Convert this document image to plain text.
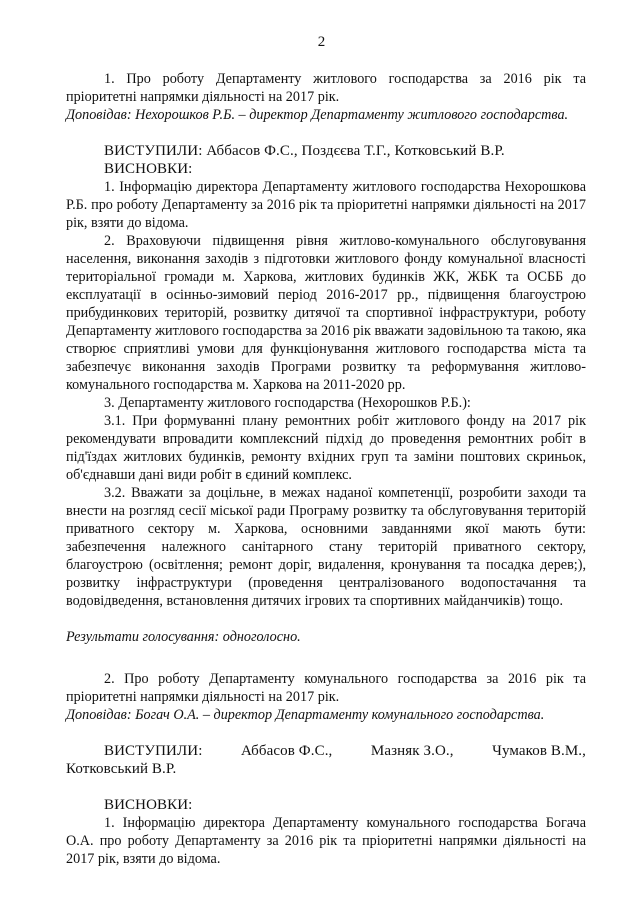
2

1. Про роботу Департаменту житлового господарства за 2016 рік та пріоритетні напрямки діяльності на 2017 рік.

Доповідав: Нехорошков Р.Б. – директор Департаменту житлового господарства.

ВИСТУПИЛИ: Аббасов Ф.С., Поздєєва Т.Г., Котковський В.Р.

ВИСНОВКИ:

1. Інформацію директора Департаменту житлового господарства Нехорошкова Р.Б. про роботу Департаменту за 2016 рік та пріоритетні напрямки діяльності на 2017 рік, взяти до відома.

2. Враховуючи підвищення рівня житлово-комунального обслуговування населення, виконання заходів з підготовки житлового фонду комунальної власності територіальної громади м. Харкова, житлових будинків ЖК, ЖБК та ОСББ до експлуатації в осінньо-зимовий період 2016-2017 рр., підвищення благоустрою прибудинкових територій, розвитку дитячої та спортивної інфраструктури, роботу Департаменту житлового господарства за 2016 рік вважати задовільною та такою, яка створює сприятливі умови для функціонування житлового господарства міста та забезпечує виконання заходів Програми розвитку та реформування житлово-комунального господарства м. Харкова на 2011-2020 рр.

3. Департаменту житлового господарства (Нехорошков Р.Б.):

3.1. При формуванні плану ремонтних робіт житлового фонду на 2017 рік рекомендувати впровадити комплексний підхід до проведення ремонтних робіт в під'їздах житлових будинків, ремонту вхідних груп та заміни поштових скриньок, об'єднавши дані види робіт в єдиний комплекс.

3.2. Вважати за доцільне, в межах наданої компетенції, розробити заходи та внести на розгляд сесії міської ради Програму розвитку та обслуговування територій приватного сектору м. Харкова, основними завданнями якої мають бути: забезпечення належного санітарного стану територій приватного сектору, благоустрою (освітлення; ремонт доріг, видалення, кронування та посадка дерев;), розвитку інфраструктури (проведення централізованого водопостачання та водовідведення, встановлення дитячих ігрових та спортивних майданчиків) тощо.

Результати голосування: одноголосно.

2. Про роботу Департаменту комунального господарства за 2016 рік та пріоритетні напрямки діяльності на 2017 рік.

Доповідав: Богач О.А. – директор Департаменту комунального господарства.

ВИСТУПИЛИ:	Аббасов Ф.С.,	Мазняк З.О.,	Чумаков В.М.,

Котковський В.Р.

ВИСНОВКИ:

1. Інформацію директора Департаменту комунального господарства Богача О.А. про роботу Департаменту за 2016 рік та пріоритетні напрямки діяльності на 2017 рік, взяти до відома.
